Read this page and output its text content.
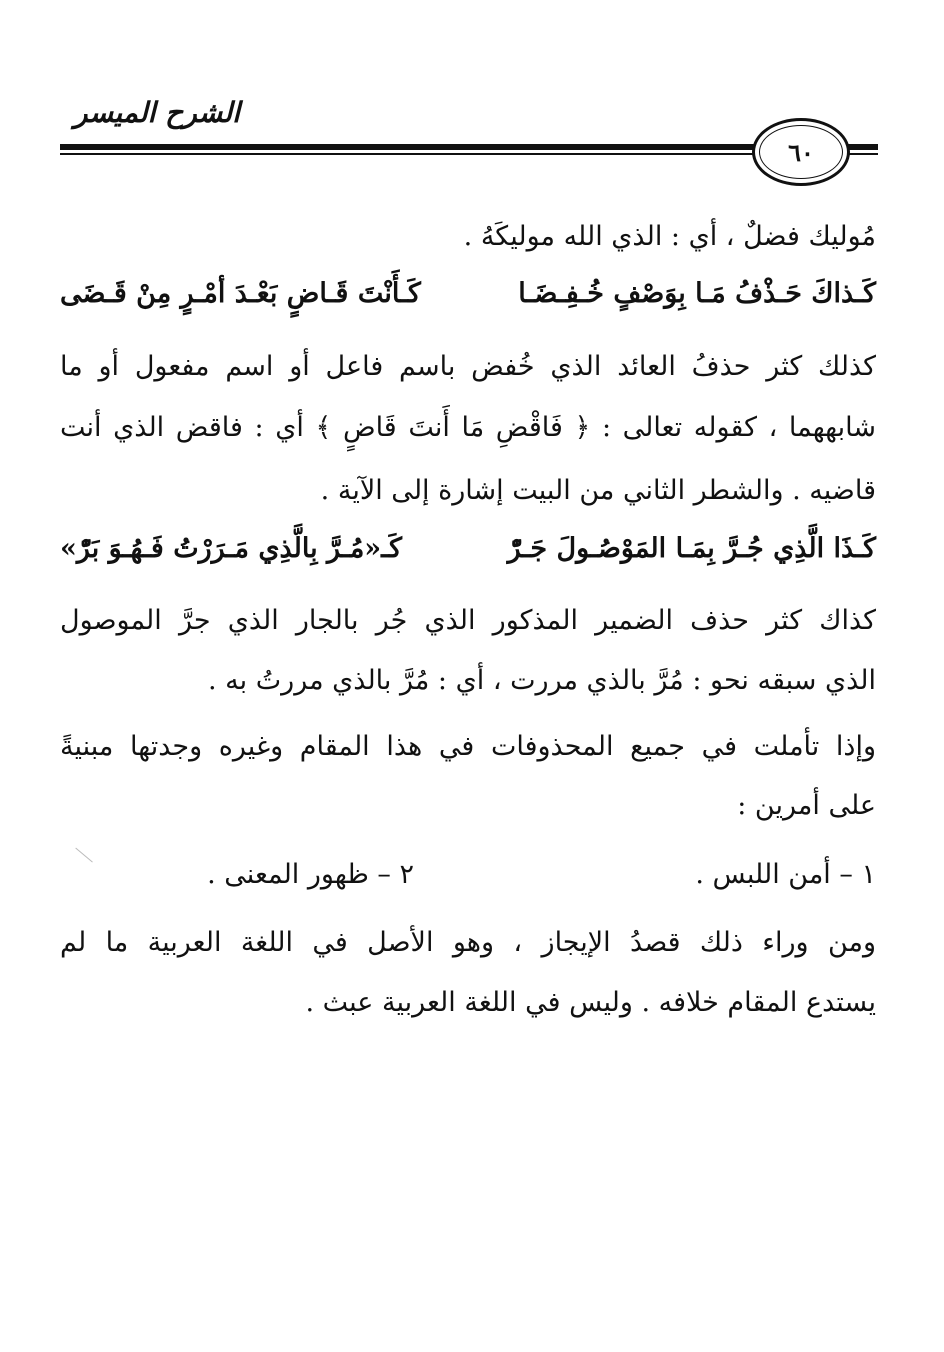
الشرح الميسر
٦٠
مُوليك فضلٌ ، أي : الذي الله موليكَهُ .
كَـذاكَ حَـذْفُ مَـا بِوَصْفٍ خُـفِـضَـا
كَـأَنْتَ قَـاضٍ بَعْـدَ أمْـرٍ مِنْ قَـضَى
كذلك كثر حذفُ العائد الذي خُفض باسم فاعل أو اسم مفعول أو ما
شابههما ، كقوله تعالى : ﴿ فَاقْضِ مَا أَنتَ قَاضٍ ﴾ أي : فاقض الذي أنت
قاضيه . والشطر الثاني من البيت إشارة إلى الآية .
كَـذَا الَّذِي جُـرَّ بِمَـا المَوْصُـولَ جَـرّْ
كَـ«مُـرَّ بِالَّذِي مَـرَرْتُ فَـهُـوَ بَرّْ»
كذاك كثر حذف الضمير المذكور الذي جُر بالجار الذي جرَّ الموصول
الذي سبقه نحو : مُرَّ بالذي مررت ، أي : مُرَّ بالذي مررتُ به .
وإذا تأملت في جميع المحذوفات في هذا المقام وغيره وجدتها مبنيةً
على أمرين :
١ – أمن اللبس .
٢ – ظهور المعنى .
ومن وراء ذلك قصدُ الإيجاز ، وهو الأصل في اللغة العربية ما لم
يستدع المقام خلافه . وليس في اللغة العربية عبث .
